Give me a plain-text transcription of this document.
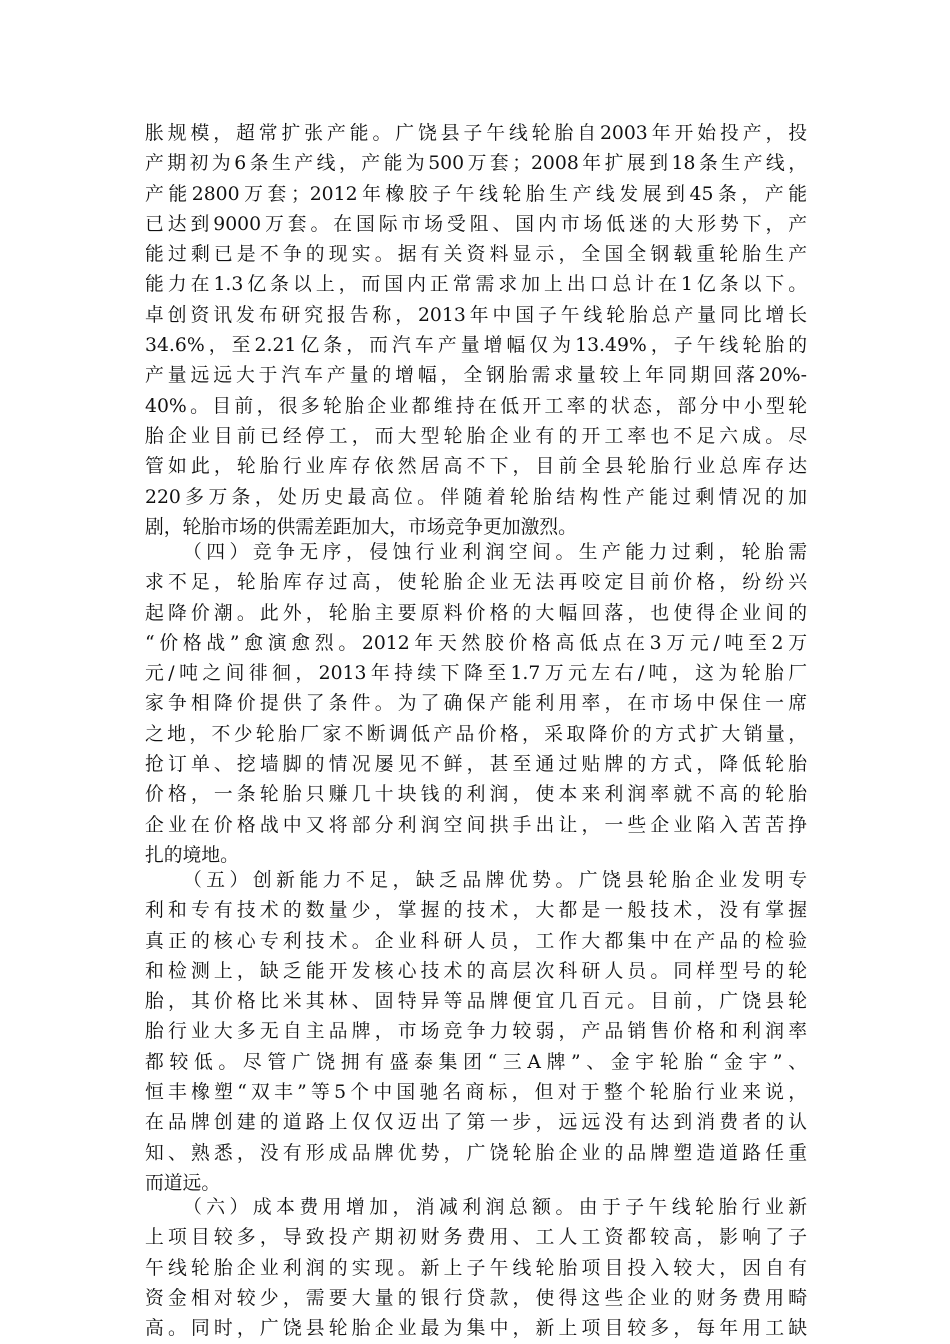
胀规模，超常扩张产能。广饶县子午线轮胎自2003年开始投产，投
产期初为6条生产线，产能为500万套；2008年扩展到18条生产线，
产能2800万套；2012年橡胶子午线轮胎生产线发展到45条，产能
已达到9000万套。在国际市场受阻、国内市场低迷的大形势下，产
能过剩已是不争的现实。据有关资料显示，全国全钢载重轮胎生产
能力在1.3亿条以上，而国内正常需求加上出口总计在1亿条以下。
卓创资讯发布研究报告称，2013年中国子午线轮胎总产量同比增长
34.6%，至2.21亿条，而汽车产量增幅仅为13.49%，子午线轮胎的
产量远远大于汽车产量的增幅，全钢胎需求量较上年同期回落20%-
40%。目前，很多轮胎企业都维持在低开工率的状态，部分中小型轮
胎企业目前已经停工，而大型轮胎企业有的开工率也不足六成。尽
管如此，轮胎行业库存依然居高不下，目前全县轮胎行业总库存达
220多万条，处历史最高位。伴随着轮胎结构性产能过剩情况的加
剧，轮胎市场的供需差距加大，市场竞争更加激烈。
（四）竞争无序，侵蚀行业利润空间。生产能力过剩，轮胎需
求不足，轮胎库存过高，使轮胎企业无法再咬定目前价格，纷纷兴
起降价潮。此外，轮胎主要原料价格的大幅回落，也使得企业间的
“价格战”愈演愈烈。2012年天然胶价格高低点在3万元/吨至2万
元/吨之间徘徊，2013年持续下降至1.7万元左右/吨，这为轮胎厂
家争相降价提供了条件。为了确保产能利用率，在市场中保住一席
之地，不少轮胎厂家不断调低产品价格，采取降价的方式扩大销量，
抢订单、挖墙脚的情况屡见不鲜，甚至通过贴牌的方式，降低轮胎
价格，一条轮胎只赚几十块钱的利润，使本来利润率就不高的轮胎
企业在价格战中又将部分利润空间拱手出让，一些企业陷入苦苦挣
扎的境地。
（五）创新能力不足，缺乏品牌优势。广饶县轮胎企业发明专
利和专有技术的数量少，掌握的技术，大都是一般技术，没有掌握
真正的核心专利技术。企业科研人员，工作大都集中在产品的检验
和检测上，缺乏能开发核心技术的高层次科研人员。同样型号的轮
胎，其价格比米其林、固特异等品牌便宜几百元。目前，广饶县轮
胎行业大多无自主品牌，市场竞争力较弱，产品销售价格和利润率
都较低。尽管广饶拥有盛泰集团“三A牌”、金宇轮胎“金宇”、
恒丰橡塑“双丰”等5个中国驰名商标，但对于整个轮胎行业来说，
在品牌创建的道路上仅仅迈出了第一步，远远没有达到消费者的认
知、熟悉，没有形成品牌优势，广饶轮胎企业的品牌塑造道路任重
而道远。
（六）成本费用增加，消减利润总额。由于子午线轮胎行业新
上项目较多，导致投产期初财务费用、工人工资都较高，影响了子
午线轮胎企业利润的实现。新上子午线轮胎项目投入较大，因自有
资金相对较少，需要大量的银行贷款，使得这些企业的财务费用畸
高。同时，广饶县轮胎企业最为集中，新上项目较多，每年用工缺
